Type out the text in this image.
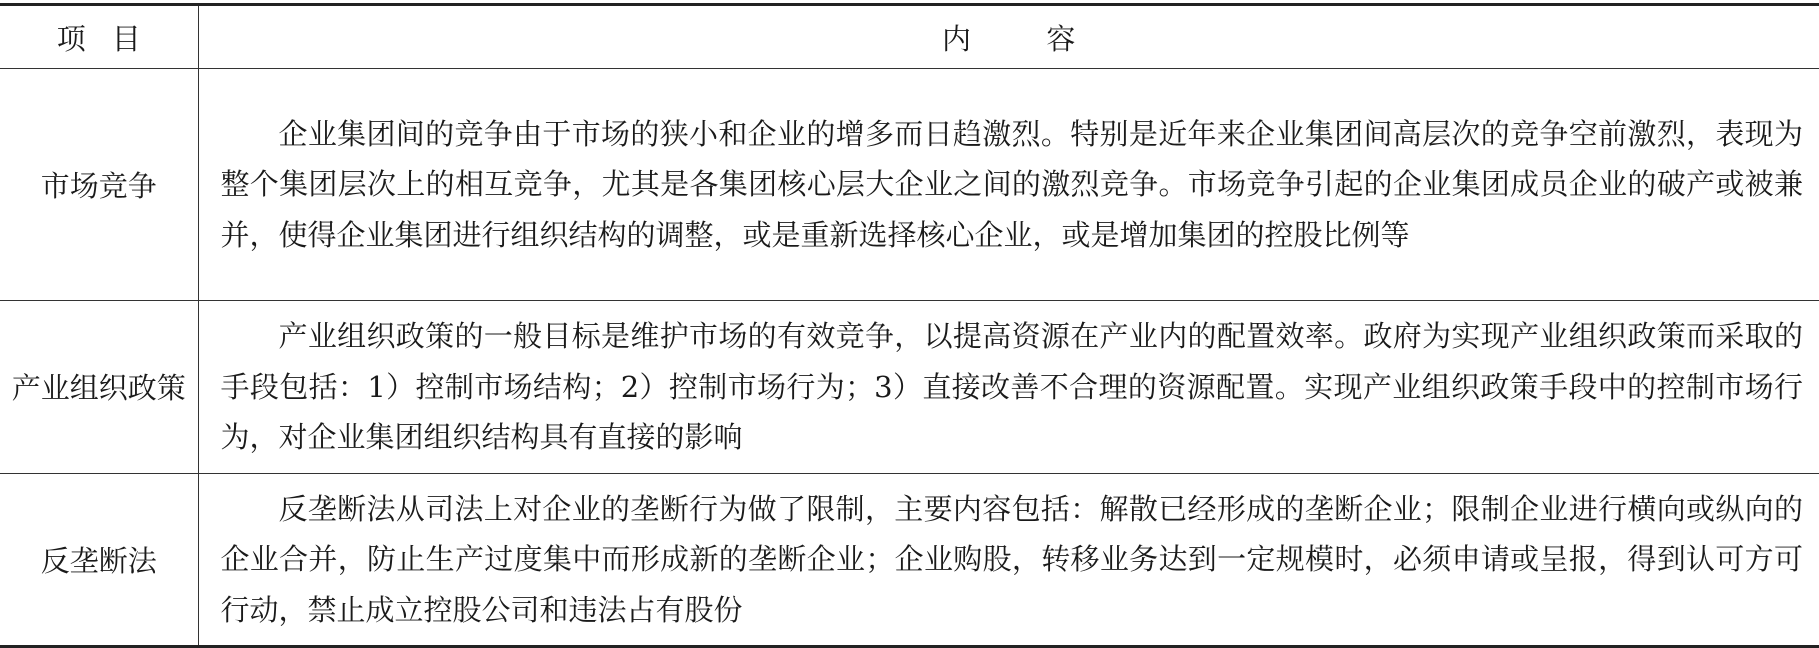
项目	内容
市场竞争	企业集团间的竞争由于市场的狭小和企业的增多而日趋激烈。特别是近年来企业集团间高层次的竞争空前激烈，表现为整个集团层次上的相互竞争，尤其是各集团核心层大企业之间的激烈竞争。市场竞争引起的企业集团成员企业的破产或被兼并，使得企业集团进行组织结构的调整，或是重新选择核心企业，或是增加集团的控股比例等
产业组织政策	产业组织政策的一般目标是维护市场的有效竞争，以提高资源在产业内的配置效率。政府为实现产业组织政策而采取的手段包括：1）控制市场结构；2）控制市场行为；3）直接改善不合理的资源配置。实现产业组织政策手段中的控制市场行为，对企业集团组织结构具有直接的影响
反垄断法	反垄断法从司法上对企业的垄断行为做了限制，主要内容包括：解散已经形成的垄断企业；限制企业进行横向或纵向的企业合并，防止生产过度集中而形成新的垄断企业；企业购股，转移业务达到一定规模时，必须申请或呈报，得到认可方可行动，禁止成立控股公司和违法占有股份
